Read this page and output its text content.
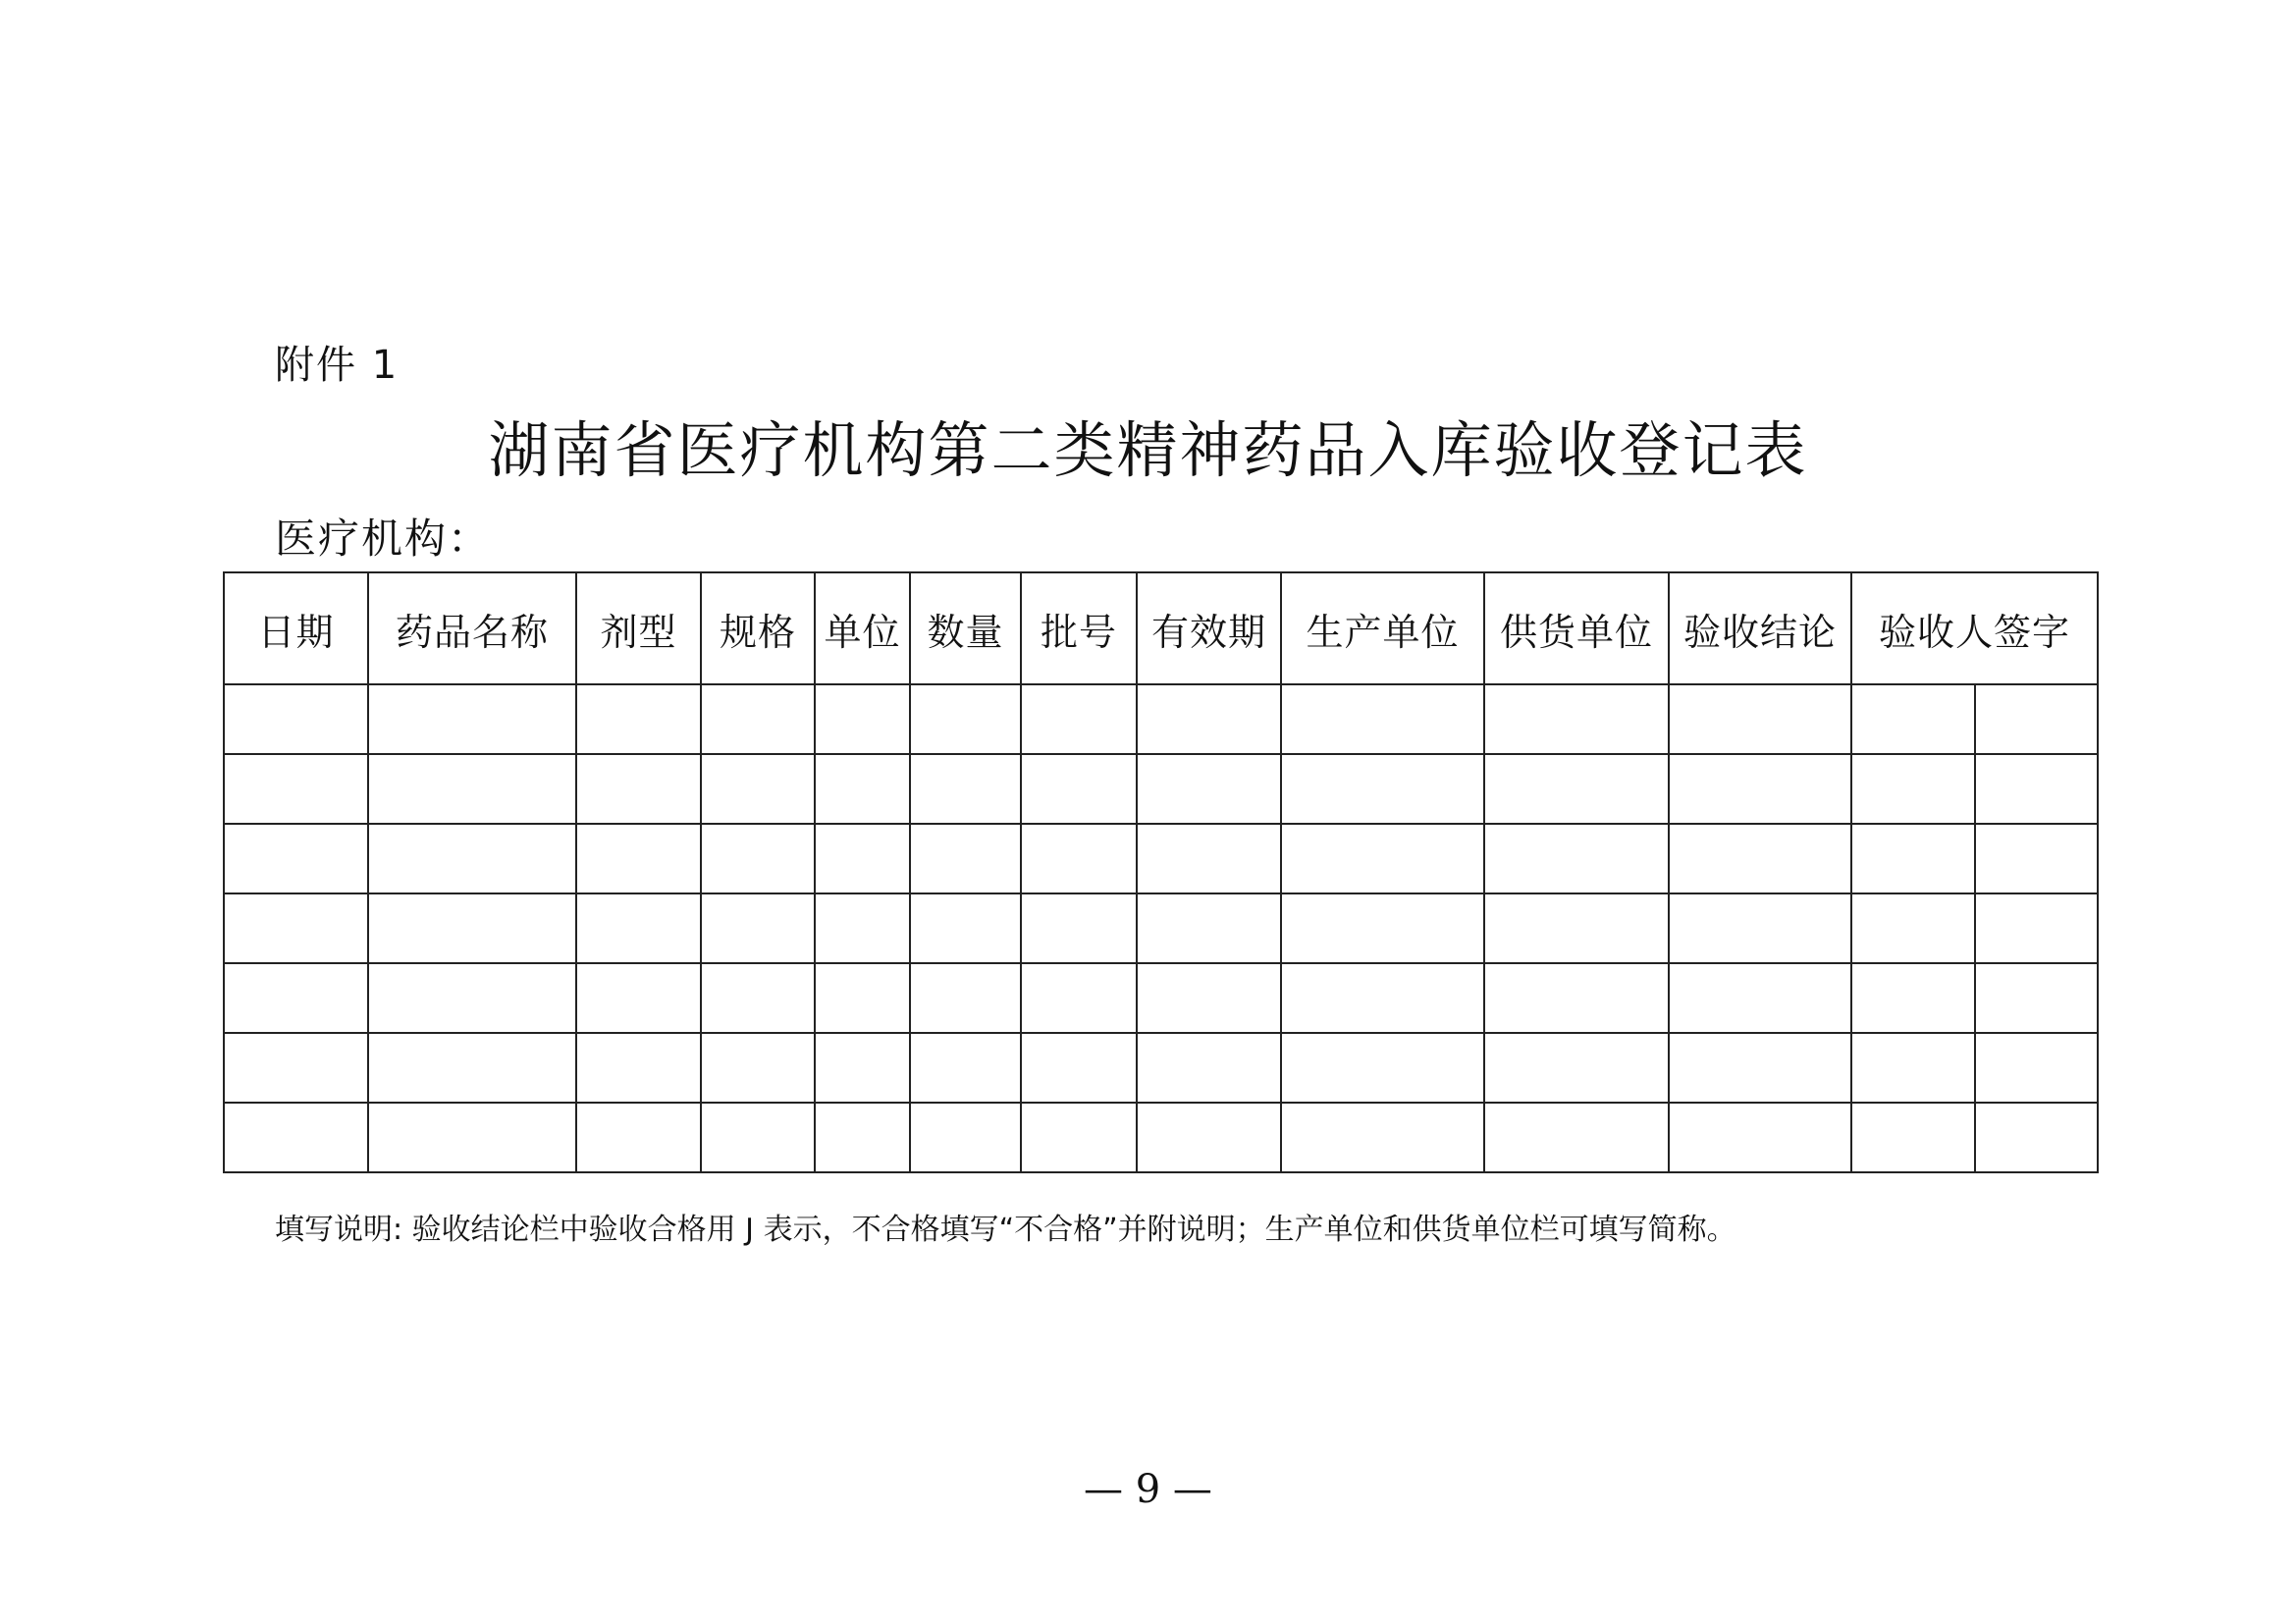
附件 1
湖南省医疗机构第二类精神药品入库验收登记表
医疗机构：
日期	药品名称	剂型	规格	单位	数量	批号	有效期	生产单位	供货单位	验收结论	验收人签字	

填写说明: 验收结论栏中验收合格用 J 表示，不合格填写“不合格”并附说明；生产单位和供货单位栏可填写简称。
— 9 —
